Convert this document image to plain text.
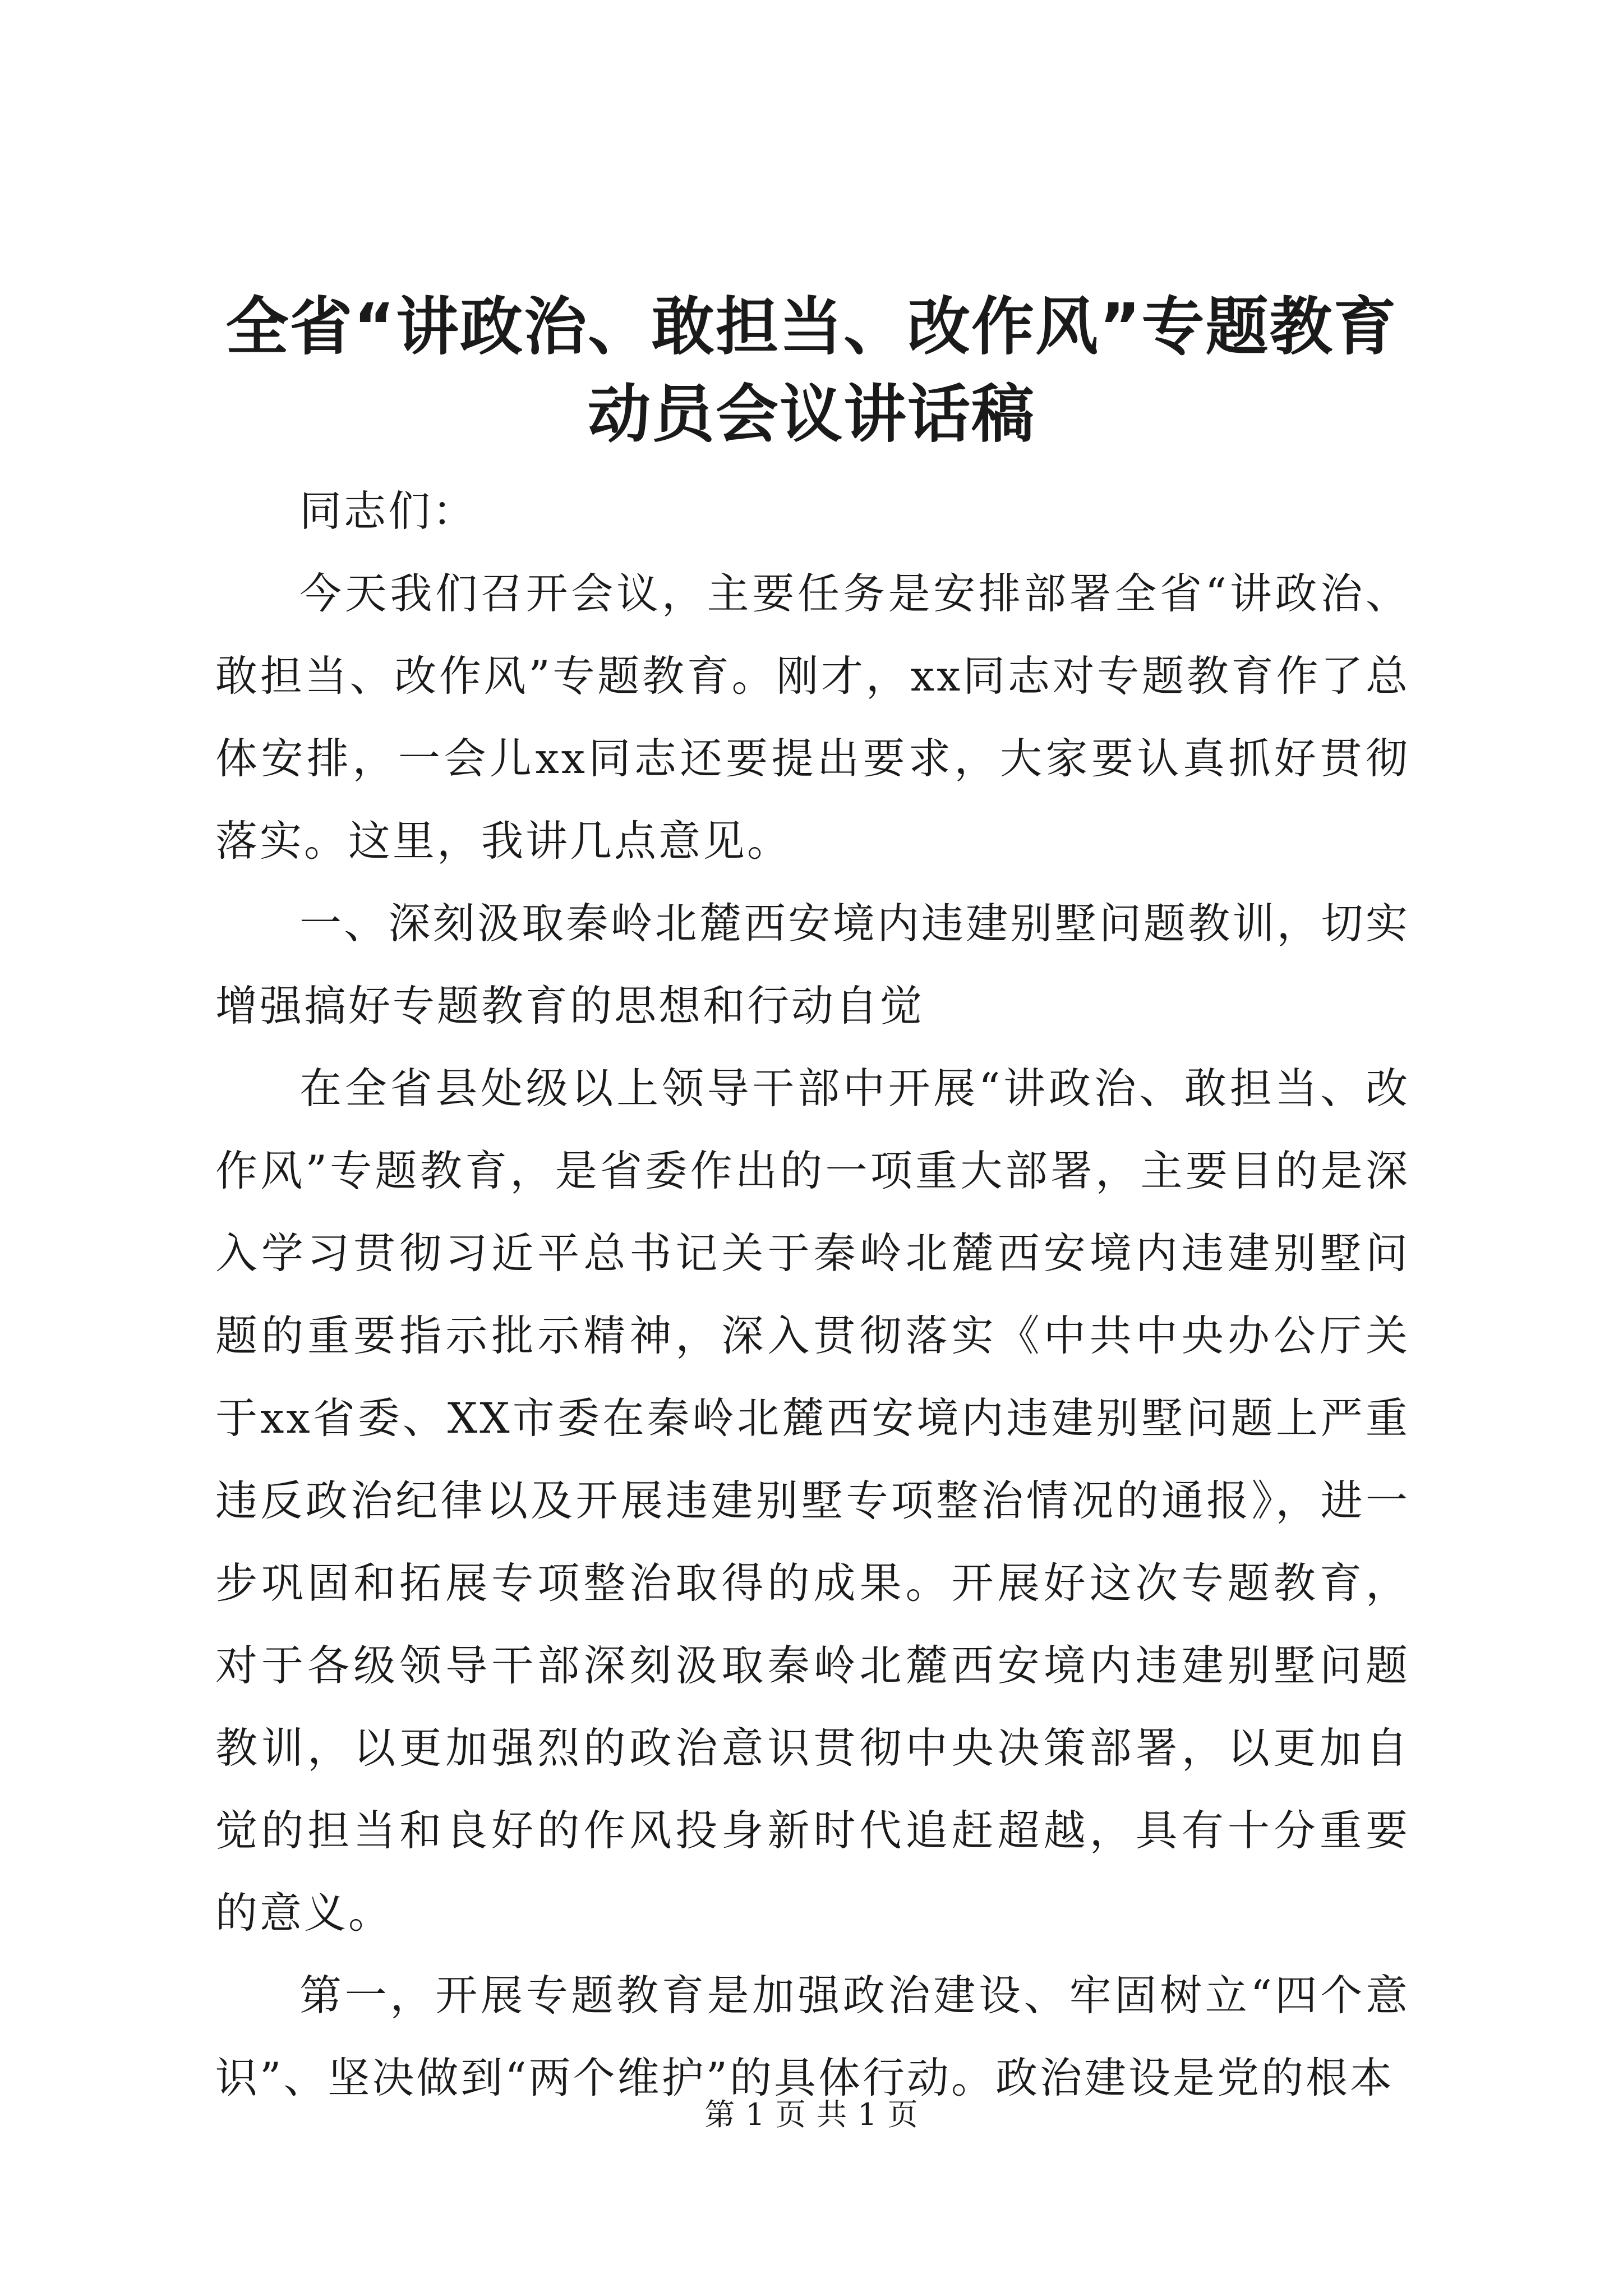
全省“讲政治、敢担当、改作风”专题教育动员会议讲话稿

同志们：

今天我们召开会议，主要任务是安排部署全省“讲政治、敢担当、改作风”专题教育。刚才，xx同志对专题教育作了总体安排，一会儿xx同志还要提出要求，大家要认真抓好贯彻落实。这里，我讲几点意见。

一、深刻汲取秦岭北麓西安境内违建别墅问题教训，切实增强搞好专题教育的思想和行动自觉

在全省县处级以上领导干部中开展“讲政治、敢担当、改作风”专题教育，是省委作出的一项重大部署，主要目的是深入学习贯彻习近平总书记关于秦岭北麓西安境内违建别墅问题的重要指示批示精神，深入贯彻落实《中共中央办公厅关于xx省委、XX市委在秦岭北麓西安境内违建别墅问题上严重违反政治纪律以及开展违建别墅专项整治情况的通报》，进一步巩固和拓展专项整治取得的成果。开展好这次专题教育，对于各级领导干部深刻汲取秦岭北麓西安境内违建别墅问题教训，以更加强烈的政治意识贯彻中央决策部署，以更加自觉的担当和良好的作风投身新时代追赶超越，具有十分重要的意义。

第一，开展专题教育是加强政治建设、牢固树立“四个意识”、坚决做到“两个维护”的具体行动。政治建设是党的根本

第 1 页 共 1 页
